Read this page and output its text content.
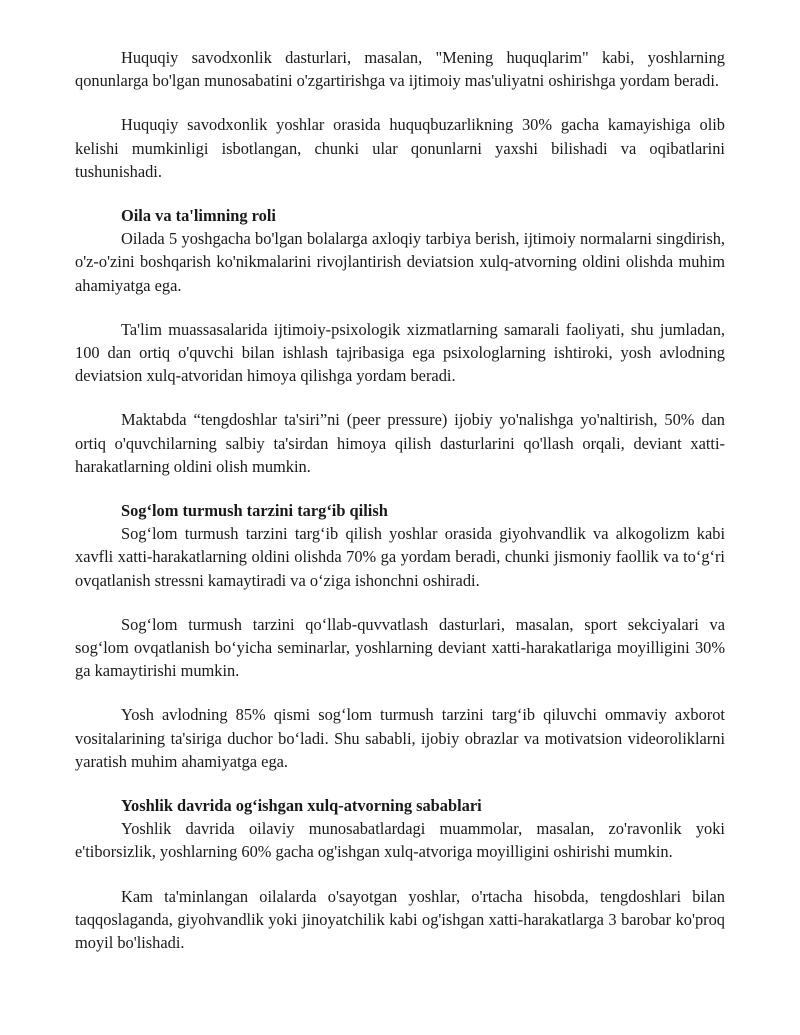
Huquqiy savodxonlik dasturlari, masalan, "Mening huquqlarim" kabi, yoshlarning qonunlarga bo'lgan munosabatini o'zgartirishga va ijtimoiy mas'uliyatni oshirishga yordam beradi.

Huquqiy savodxonlik yoshlar orasida huquqbuzarlikning 30% gacha kamayishiga olib kelishi mumkinligi isbotlangan, chunki ular qonunlarni yaxshi bilishadi va oqibatlarini tushunishadi.

Oila va ta'limning roli

Oilada 5 yoshgacha bo'lgan bolalarga axloqiy tarbiya berish, ijtimoiy normalarni singdirish, o'z-o'zini boshqarish ko'nikmalarini rivojlantirish deviatsion xulq-atvorning oldini olishda muhim ahamiyatga ega.

Ta'lim muassasalarida ijtimoiy-psixologik xizmatlarning samarali faoliyati, shu jumladan, 100 dan ortiq o'quvchi bilan ishlash tajribasiga ega psixologlarning ishtiroki, yosh avlodning deviatsion xulq-atvoridan himoya qilishga yordam beradi.

Maktabda “tengdoshlar ta'siri”ni (peer pressure) ijobiy yo'nalishga yo'naltirish, 50% dan ortiq o'quvchilarning salbiy ta'sirdan himoya qilish dasturlarini qo'llash orqali, deviant xatti-harakatlarning oldini olish mumkin.

Sog‘lom turmush tarzini targ‘ib qilish

Sog‘lom turmush tarzini targ‘ib qilish yoshlar orasida giyohvandlik va alkogolizm kabi xavfli xatti-harakatlarning oldini olishda 70% ga yordam beradi, chunki jismoniy faollik va to‘g‘ri ovqatlanish stressni kamaytiradi va o‘ziga ishonchni oshiradi.

Sog‘lom turmush tarzini qo‘llab-quvvatlash dasturlari, masalan, sport sekciyalari va sog‘lom ovqatlanish bo‘yicha seminarlar, yoshlarning deviant xatti-harakatlariga moyilligini 30% ga kamaytirishi mumkin.

Yosh avlodning 85% qismi sog‘lom turmush tarzini targ‘ib qiluvchi ommaviy axborot vositalarining ta'siriga duchor bo‘ladi. Shu sababli, ijobiy obrazlar va motivatsion videoroliklarni yaratish muhim ahamiyatga ega.

Yoshlik davrida og‘ishgan xulq-atvorning sabablari

Yoshlik davrida oilaviy munosabatlardagi muammolar, masalan, zo'ravonlik yoki e'tiborsizlik, yoshlarning 60% gacha og'ishgan xulq-atvoriga moyilligini oshirishi mumkin.

Kam ta'minlangan oilalarda o'sayotgan yoshlar, o'rtacha hisobda, tengdoshlari bilan taqqoslaganda, giyohvandlik yoki jinoyatchilik kabi og'ishgan xatti-harakatlarga 3 barobar ko'proq moyil bo'lishadi.
